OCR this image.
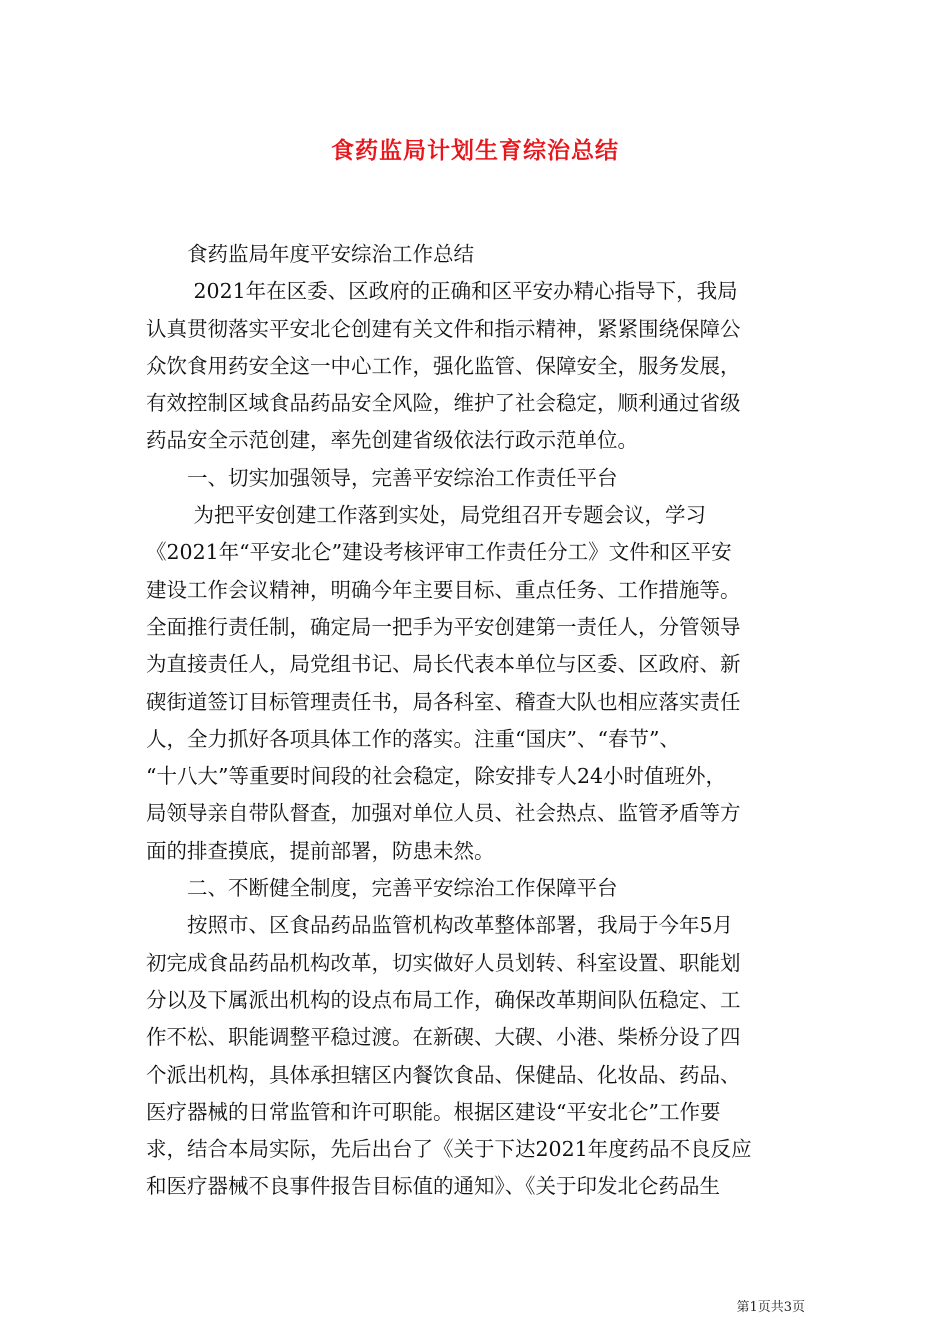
食药监局计划生育综治总结
　　食药监局年度平安综治工作总结
　　 2021年在区委、区政府的正确和区平安办精心指导下，我局
认真贯彻落实平安北仑创建有关文件和指示精神，紧紧围绕保障公
众饮食用药安全这一中心工作，强化监管、保障安全，服务发展，
有效控制区域食品药品安全风险，维护了社会稳定，顺利通过省级
药品安全示范创建，率先创建省级依法行政示范单位。
　　一、切实加强领导，完善平安综治工作责任平台
　　 为把平安创建工作落到实处，局党组召开专题会议，学习
《2021年“平安北仑”建设考核评审工作责任分工》文件和区平安
建设工作会议精神，明确今年主要目标、重点任务、工作措施等。
全面推行责任制，确定局一把手为平安创建第一责任人，分管领导
为直接责任人，局党组书记、局长代表本单位与区委、区政府、新
碶街道签订目标管理责任书，局各科室、稽查大队也相应落实责任
人，全力抓好各项具体工作的落实。注重“国庆”、“春节”、
“十八大”等重要时间段的社会稳定，除安排专人24小时值班外，
局领导亲自带队督查，加强对单位人员、社会热点、监管矛盾等方
面的排查摸底，提前部署，防患未然。
　　二、不断健全制度，完善平安综治工作保障平台
　　按照市、区食品药品监管机构改革整体部署，我局于今年5月
初完成食品药品机构改革，切实做好人员划转、科室设置、职能划
分以及下属派出机构的设点布局工作，确保改革期间队伍稳定、工
作不松、职能调整平稳过渡。在新碶、大碶、小港、柴桥分设了四
个派出机构，具体承担辖区内餐饮食品、保健品、化妆品、药品、
医疗器械的日常监管和许可职能。根据区建设“平安北仑”工作要
求，结合本局实际，先后出台了《关于下达2021年度药品不良反应
和医疗器械不良事件报告目标值的通知》、《关于印发北仑药品生
第1页共3页
